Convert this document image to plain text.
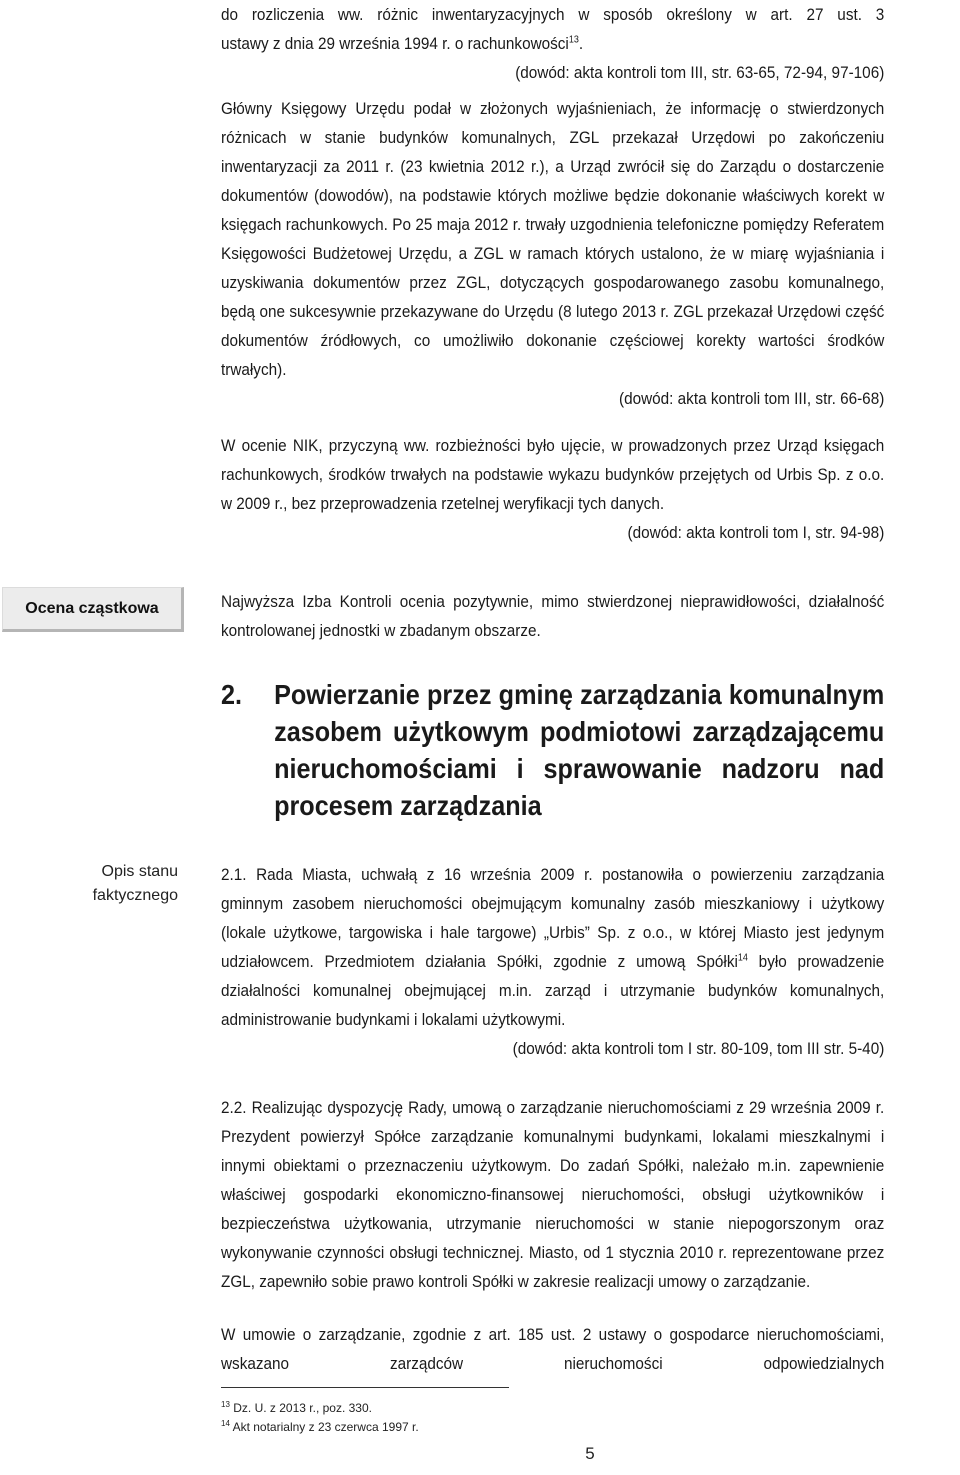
do rozliczenia ww. różnic inwentaryzacyjnych w sposób określony w art. 27 ust. 3

ustawy z dnia 29 września 1994 r. o rachunkowości$^{13}$.

(dowód: akta kontroli tom III, str. 63-65, 72-94, 97-106)

Główny Księgowy Urzędu podał w złożonych wyjaśnieniach, że informację o stwierdzonych różnicach w stanie budynków komunalnych, ZGL przekazał Urzędowi po zakończeniu inwentaryzacji za 2011 r. (23 kwietnia 2012 r.), a Urząd zwrócił się do Zarządu o dostarczenie dokumentów (dowodów), na podstawie których możliwe będzie dokonanie właściwych korekt w księgach rachunkowych. Po 25 maja 2012 r. trwały uzgodnienia telefoniczne pomiędzy Referatem Księgowości Budżetowej Urzędu, a ZGL w ramach których ustalono, że w miarę wyjaśniania i uzyskiwania dokumentów przez ZGL, dotyczących gospodarowanego zasobu komunalnego, będą one sukcesywnie przekazywane do Urzędu (8 lutego 2013 r. ZGL przekazał Urzędowi część dokumentów źródłowych, co umożliwiło dokonanie częściowej korekty wartości środków trwałych).

(dowód: akta kontroli tom III, str. 66-68)

W ocenie NIK, przyczyną ww. rozbieżności było ujęcie, w prowadzonych przez Urząd księgach rachunkowych, środków trwałych na podstawie wykazu budynków przejętych od Urbis Sp. z o.o. w 2009 r., bez przeprowadzenia rzetelnej weryfikacji tych danych.

(dowód: akta kontroli tom I, str. 94-98)

Ocena cząstkowa	Najwyższa Izba Kontroli ocenia pozytywnie, mimo stwierdzonej nieprawidłowości, działalność kontrolowanej jednostki w zbadanym obszarze.

2. Powierzanie przez gminę zarządzania komunalnym zasobem użytkowym podmiotowi zarządzającemu nieruchomościami i sprawowanie nadzoru nad procesem zarządzania
Opis stanu
faktycznego

2.1. Rada Miasta, uchwałą z 16 września 2009 r. postanowiła o powierzeniu zarządzania gminnym zasobem nieruchomości obejmującym komunalny zasób mieszkaniowy i użytkowy (lokale użytkowe, targowiska i hale targowe) „Urbis” Sp. z o.o., w której Miasto jest jedynym udziałowcem. Przedmiotem działania Spółki, zgodnie z umową Spółki$^{14}$ było prowadzenie działalności komunalnej obejmującej m.in. zarząd i utrzymanie budynków komunalnych, administrowanie budynkami i lokalami użytkowymi.

(dowód: akta kontroli tom I str. 80-109, tom III str. 5-40)

2.2. Realizując dyspozycję Rady, umową o zarządzanie nieruchomościami z 29 września 2009 r. Prezydent powierzył Spółce zarządzanie komunalnymi budynkami, lokalami mieszkalnymi i innymi obiektami o przeznaczeniu użytkowym. Do zadań Spółki, należało m.in. zapewnienie właściwej gospodarki ekonomiczno-finansowej nieruchomości, obsługi użytkowników i bezpieczeństwa użytkowania, utrzymanie nieruchomości w stanie niepogorszonym oraz wykonywanie czynności obsługi technicznej. Miasto, od 1 stycznia 2010 r. reprezentowane przez ZGL, zapewniło sobie prawo kontroli Spółki w zakresie realizacji umowy o zarządzanie.

W umowie o zarządzanie, zgodnie z art. 185 ust. 2 ustawy o gospodarce nieruchomościami, wskazano zarządców nieruchomości odpowiedzialnych

$^{13}$ Dz. U. z 2013 r., poz. 330.
$^{14}$ Akt notarialny z 23 czerwca 1997 r.
5
